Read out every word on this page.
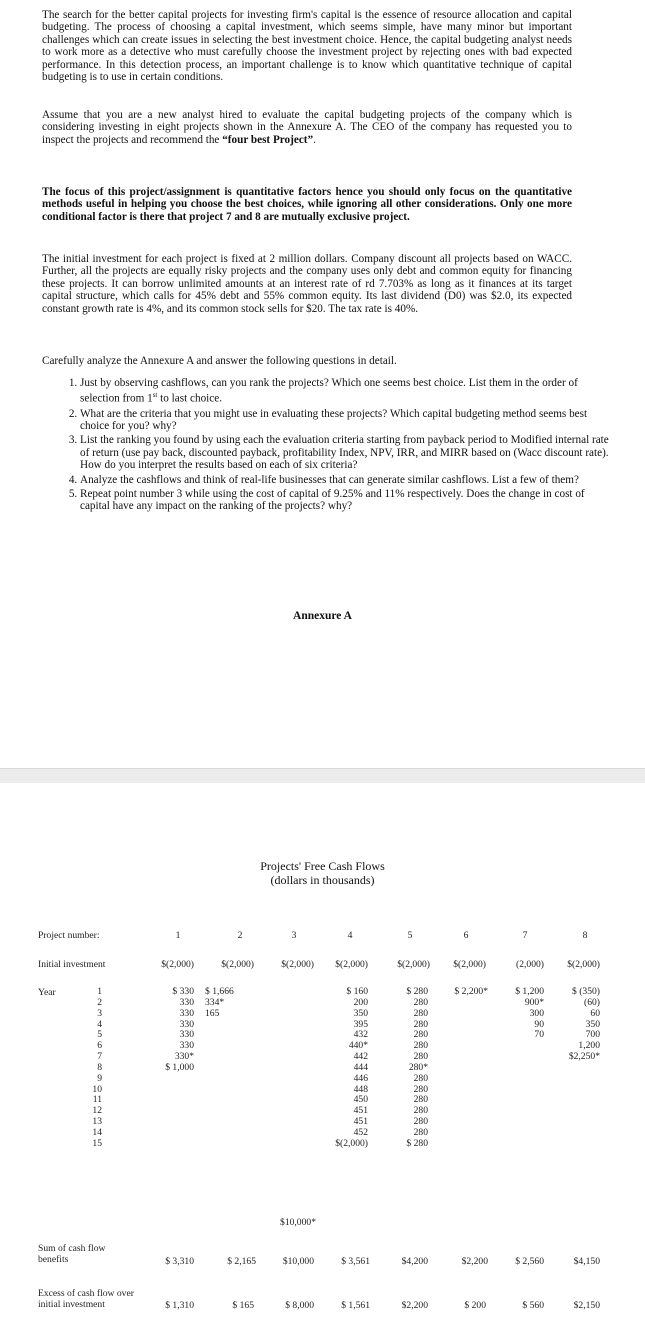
The search for the better capital projects for investing firm's capital is the essence of resource allocation and capital budgeting. The process of choosing a capital investment, which seems simple, have many minor but important challenges which can create issues in selecting the best investment choice. Hence, the capital budgeting analyst needs to work more as a detective who must carefully choose the investment project by rejecting ones with bad expected performance. In this detection process, an important challenge is to know which quantitative technique of capital budgeting is to use in certain conditions.
Assume that you are a new analyst hired to evaluate the capital budgeting projects of the company which is considering investing in eight projects shown in the Annexure A. The CEO of the company has requested you to inspect the projects and recommend the “four best Project”.
The focus of this project/assignment is quantitative factors hence you should only focus on the quantitative methods useful in helping you choose the best choices, while ignoring all other considerations. Only one more conditional factor is there that project 7 and 8 are mutually exclusive project.
The initial investment for each project is fixed at 2 million dollars. Company discount all projects based on WACC. Further, all the projects are equally risky projects and the company uses only debt and common equity for financing these projects. It can borrow unlimited amounts at an interest rate of rd 7.703% as long as it finances at its target capital structure, which calls for 45% debt and 55% common equity. Its last dividend (D0) was $2.0, its expected constant growth rate is 4%, and its common stock sells for $20. The tax rate is 40%.
Carefully analyze the Annexure A and answer the following questions in detail.
1. Just by observing cashflows, can you rank the projects? Which one seems best choice. List them in the order of selection from 1st to last choice.
2. What are the criteria that you might use in evaluating these projects? Which capital budgeting method seems best choice for you? why?
3. List the ranking you found by using each the evaluation criteria starting from payback period to Modified internal rate of return (use pay back, discounted payback, profitability Index, NPV, IRR, and MIRR based on (Wacc discount rate). How do you interpret the results based on each of six criteria?
4. Analyze the cashflows and think of real-life businesses that can generate similar cashflows. List a few of them?
5. Repeat point number 3 while using the cost of capital of 9.25% and 11% respectively. Does the change in cost of capital have any impact on the ranking of the projects? why?
Annexure A
Projects' Free Cash Flows
(dollars in thousands)
Project number:
Initial investment
Year	1
2
3
4
5
6
7
8
9
10
11
12
13
14
15
Sum of cash flow
benefits
Excess of cash flow over
initial investment
1
$(2,000)
$ 330
330
330
330
330
330
330*
$ 1,000
$ 3,310
$ 1,310
2
$(2,000)
$ 1,666
334*
165
$ 2,165
$ 165
3
$(2,000)
$10,000*
$10,000
$ 8,000
4
$(2,000)
$ 160
200
350
395
432
440*
442
444
446
448
450
451
451
452
$(2,000)
$ 3,561
$ 1,561
5
$(2,000)
$ 280
280
280
280
280
280
280
280*
280
280
280
280
280
280
$ 280
$4,200
$2,200
6
$(2,000)
$ 2,200*
$2,200
$ 200
7
(2,000)
$ 1,200
900*
300
90
70
$ 2,560
$ 560
8
$(2,000)
$ (350)
(60)
60
350
700
1,200
$2,250*
$4,150
$2,150
